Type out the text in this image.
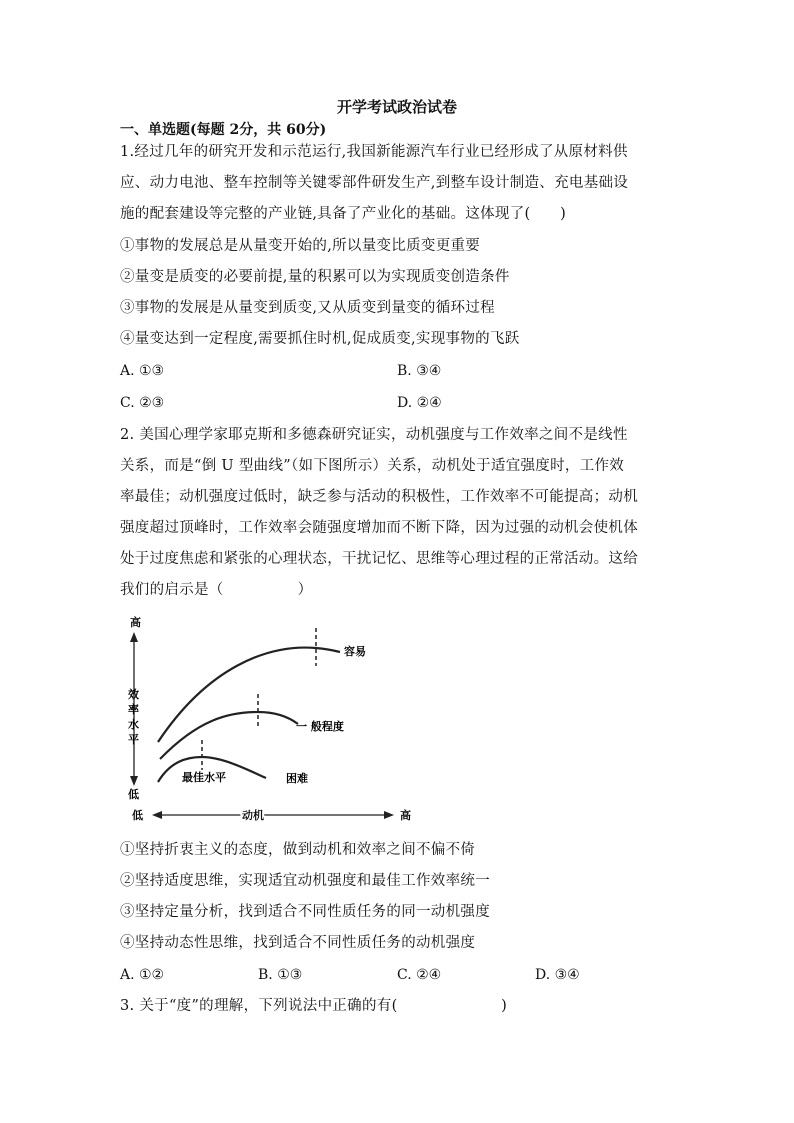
开学考试政治试卷
一、单选题(每题 2分，共 60分)
1.经过几年的研究开发和示范运行,我国新能源汽车行业已经形成了从原材料供
应、动力电池、整车控制等关键零部件研发生产,到整车设计制造、充电基础设
施的配套建设等完整的产业链,具备了产业化的基础。这体现了(　　)
①事物的发展总是从量变开始的,所以量变比质变更重要
②量变是质变的必要前提,量的积累可以为实现质变创造条件
③事物的发展是从量变到质变,又从质变到量变的循环过程
④量变达到一定程度,需要抓住时机,促成质变,实现事物的飞跃
A. ①③	B. ③④
C. ②③	D. ②④
2. 美国心理学家耶克斯和多德森研究证实，动机强度与工作效率之间不是线性
关系，而是“倒 U 型曲线”（如下图所示）关系，动机处于适宜强度时，工作效
率最佳；动机强度过低时，缺乏参与活动的积极性，工作效率不可能提高；动机
强度超过顶峰时，工作效率会随强度增加而不断下降，因为过强的动机会使机体
处于过度焦虑和紧张的心理状态，干扰记忆、思维等心理过程的正常活动。这给
我们的启示是（　　　　　）
高
效
率
水
平
低
低	动机	高
容易
一 般程度
最佳水平	困难
①坚持折衷主义的态度，做到动机和效率之间不偏不倚
②坚持适度思维，实现适宜动机强度和最佳工作效率统一
③坚持定量分析，找到适合不同性质任务的同一动机强度
④坚持动态性思维，找到适合不同性质任务的动机强度
A. ①②	B. ①③	C. ②④	D. ③④
3. 关于“度”的理解，下列说法中正确的有(　　　　　　　)
